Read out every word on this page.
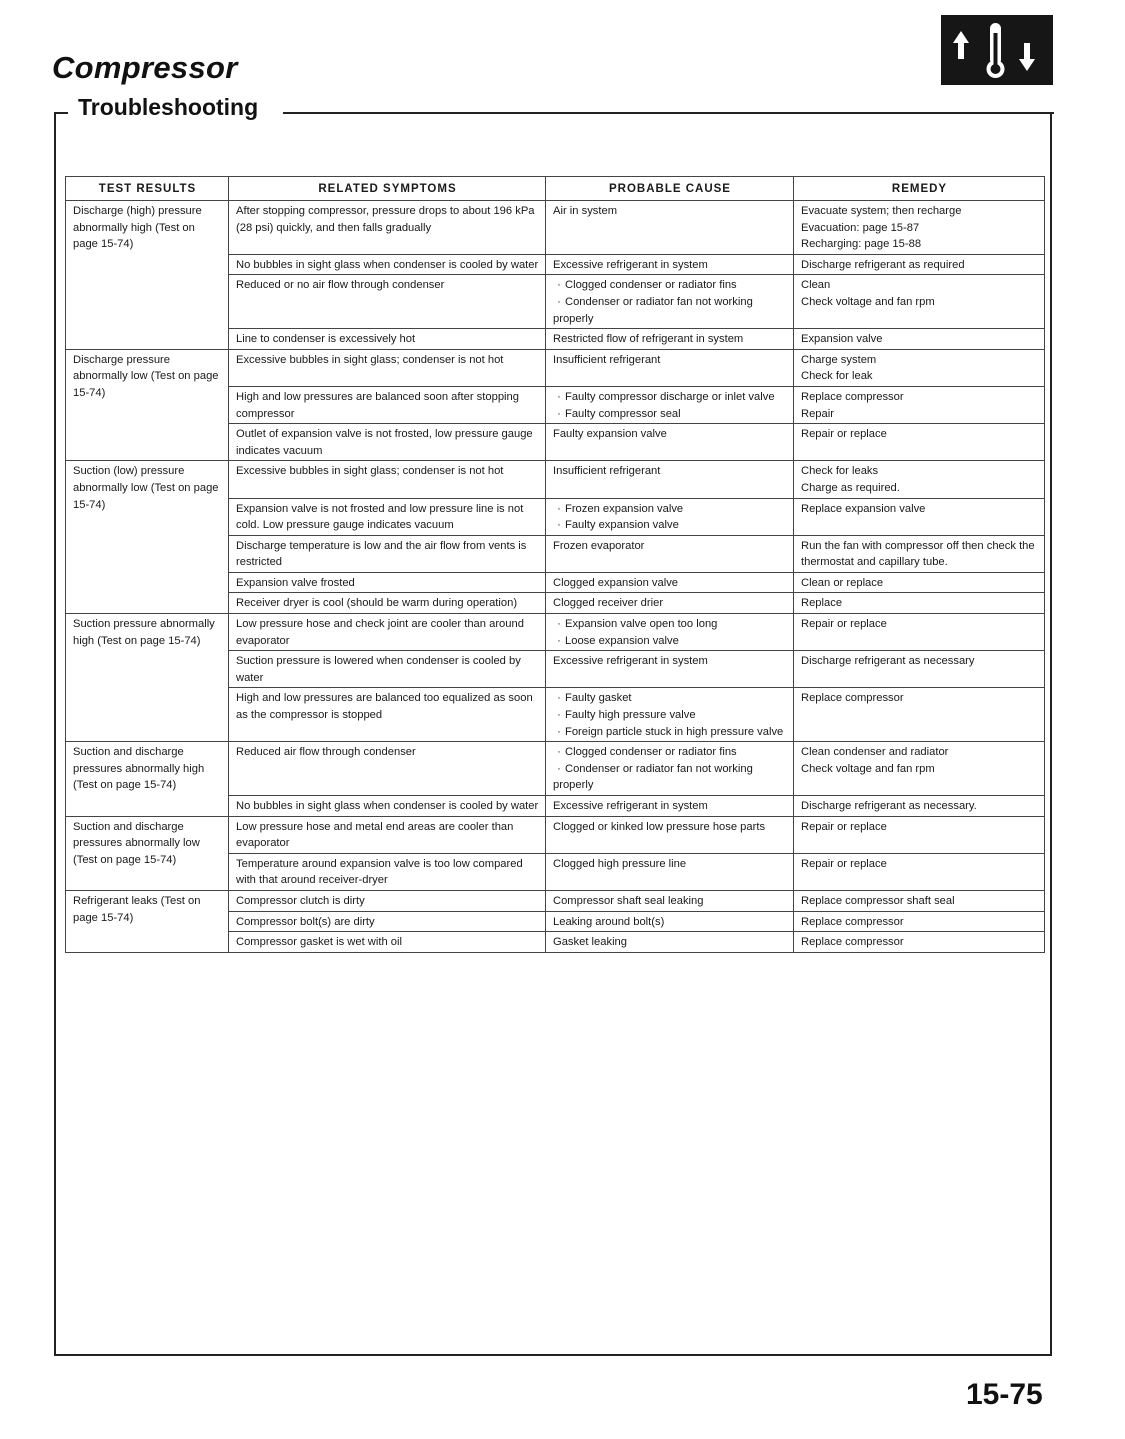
Compressor
Troubleshooting
TEST RESULTS	RELATED SYMPTOMS	PROBABLE CAUSE	REMEDY
Discharge (high) pressure abnormally high (Test on page 15-74)	After stopping compressor, pressure drops to about 196 kPa (28 psi) quickly, and then falls gradually	Air in system	Evacuate system; then recharge
Evacuation: page 15-87
Recharging: page 15-88

	No bubbles in sight glass when condenser is cooled by water	Excessive refrigerant in system	Discharge refrigerant as required

	Reduced or no air flow through condenser	· Clogged condenser or radiator fins
· Condenser or radiator fan not working properly	Clean
Check voltage and fan rpm

	Line to condenser is excessively hot	Restricted flow of refrigerant in system	Expansion valve

Discharge pressure abnormally low (Test on page 15-74)	Excessive bubbles in sight glass; condenser is not hot	Insufficient refrigerant	Charge system
Check for leak

	High and low pressures are balanced soon after stopping compressor	· Faulty compressor discharge or inlet valve
· Faulty compressor seal	Replace compressor
Repair

	Outlet of expansion valve is not frosted, low pressure gauge indicates vacuum	Faulty expansion valve	Repair or replace

Suction (low) pressure abnormally low (Test on page 15-74)	Excessive bubbles in sight glass; condenser is not hot	Insufficient refrigerant	Check for leaks
Charge as required.

	Expansion valve is not frosted and low pressure line is not cold. Low pressure gauge indicates vacuum	· Frozen expansion valve
· Faulty expansion valve	Replace expansion valve

	Discharge temperature is low and the air flow from vents is restricted	Frozen evaporator	Run the fan with compressor off then check the thermostat and capillary tube.

	Expansion valve frosted	Clogged expansion valve	Clean or replace

	Receiver dryer is cool (should be warm during operation)	Clogged receiver drier	Replace

Suction pressure abnormally high (Test on page 15-74)	Low pressure hose and check joint are cooler than around evaporator	· Expansion valve open too long
· Loose expansion valve	Repair or replace

	Suction pressure is lowered when condenser is cooled by water	Excessive refrigerant in system	Discharge refrigerant as necessary

	High and low pressures are balanced too equalized as soon as the compressor is stopped	· Faulty gasket
· Faulty high pressure valve
· Foreign particle stuck in high pressure valve	Replace compressor

Suction and discharge pressures abnormally high (Test on page 15-74)	Reduced air flow through condenser	· Clogged condenser or radiator fins
· Condenser or radiator fan not working properly	Clean condenser and radiator
Check voltage and fan rpm

	No bubbles in sight glass when condenser is cooled by water	Excessive refrigerant in system	Discharge refrigerant as necessary.

Suction and discharge pressures abnormally low (Test on page 15-74)	Low pressure hose and metal end areas are cooler than evaporator	Clogged or kinked low pressure hose parts	Repair or replace

	Temperature around expansion valve is too low compared with that around receiver-dryer	Clogged high pressure line	Repair or replace

Refrigerant leaks (Test on page 15-74)	Compressor clutch is dirty	Compressor shaft seal leaking	Replace compressor shaft seal

	Compressor bolt(s) are dirty	Leaking around bolt(s)	Replace compressor

	Compressor gasket is wet with oil	Gasket leaking	Replace compressor
15-75
